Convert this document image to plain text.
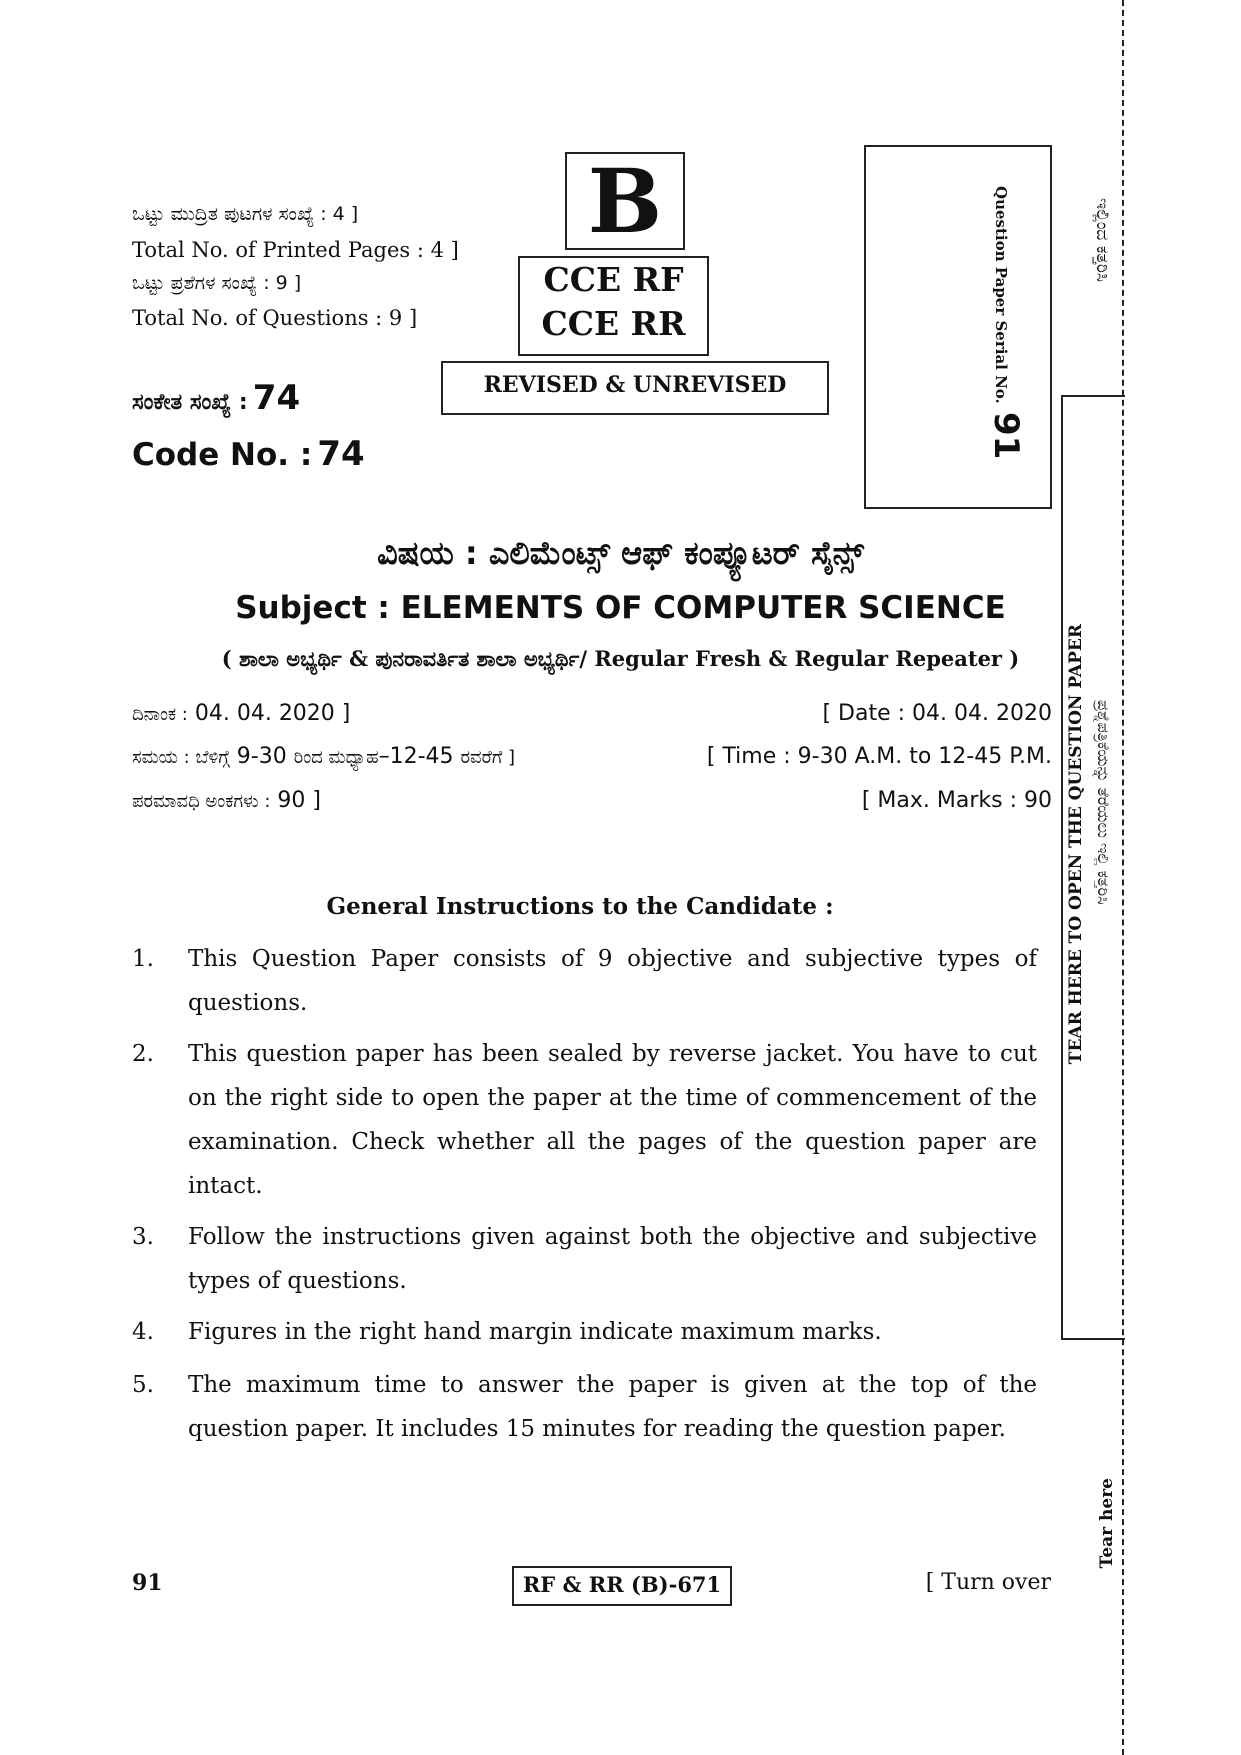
ಒಟ್ಟು ಮುದ್ರಿತ ಪುಟಗಳ ಸಂಖ್ಯೆ : 4 ]
Total No. of Printed Pages : 4 ]
ಒಟ್ಟು ಪ್ರಶೆಗಳ ಸಂಖ್ಯೆ : 9 ]
Total No. of Questions : 9 ]
ಸಂಕೇತ ಸಂಖ್ಯೆ : 74
Code No. : 74
B
CCE RF
CCE RR
REVISED & UNREVISED	Question Paper Serial No.
91
ಇಲ್ಲಿಂದ ಕತ್ತರಿಸಿ
TEAR HERE TO OPEN THE QUESTION PAPER ಪ್ರಶ್ನೆಪತ್ರಿಕೆಯನ್ನು ತೆರೆಯಲು ಇಲ್ಲಿ ಕತ್ತರಿಸಿ
Tear here
ವಿಷಯ : ಎಲಿಮೆಂಟ್ಸ್ ಆಫ್ ಕಂಪ್ಯೂಟರ್ ಸೈನ್ಸ್
Subject : ELEMENTS OF COMPUTER SCIENCE
( ಶಾಲಾ ಅಭ್ಯರ್ಥಿ & ಪುನರಾವರ್ತಿತ ಶಾಲಾ ಅಭ್ಯರ್ಥಿ/ Regular Fresh & Regular Repeater )
ದಿನಾಂಕ : 04. 04. 2020 ]	[ Date : 04. 04. 2020
ಸಮಯ : ಬೆಳಿಗ್ಗೆ 9-30 ರಿಂದ ಮಧ್ಯಾಹ–12-45 ರವರೆಗೆ ]	[ Time : 9-30 A.M. to 12-45 P.M.
ಪರಮಾವಧಿ ಅಂಕಗಳು : 90 ]	[ Max. Marks : 90
General Instructions to the Candidate :
1. This Question Paper consists of 9 objective and subjective types of questions.
2. This question paper has been sealed by reverse jacket. You have to cut on the right side to open the paper at the time of commencement of the examination. Check whether all the pages of the question paper are intact.
3. Follow the instructions given against both the objective and subjective types of questions.
4. Figures in the right hand margin indicate maximum marks.
5. The maximum time to answer the paper is given at the top of the question paper. It includes 15 minutes for reading the question paper.
91	RF & RR (B)-671	[ Turn over
